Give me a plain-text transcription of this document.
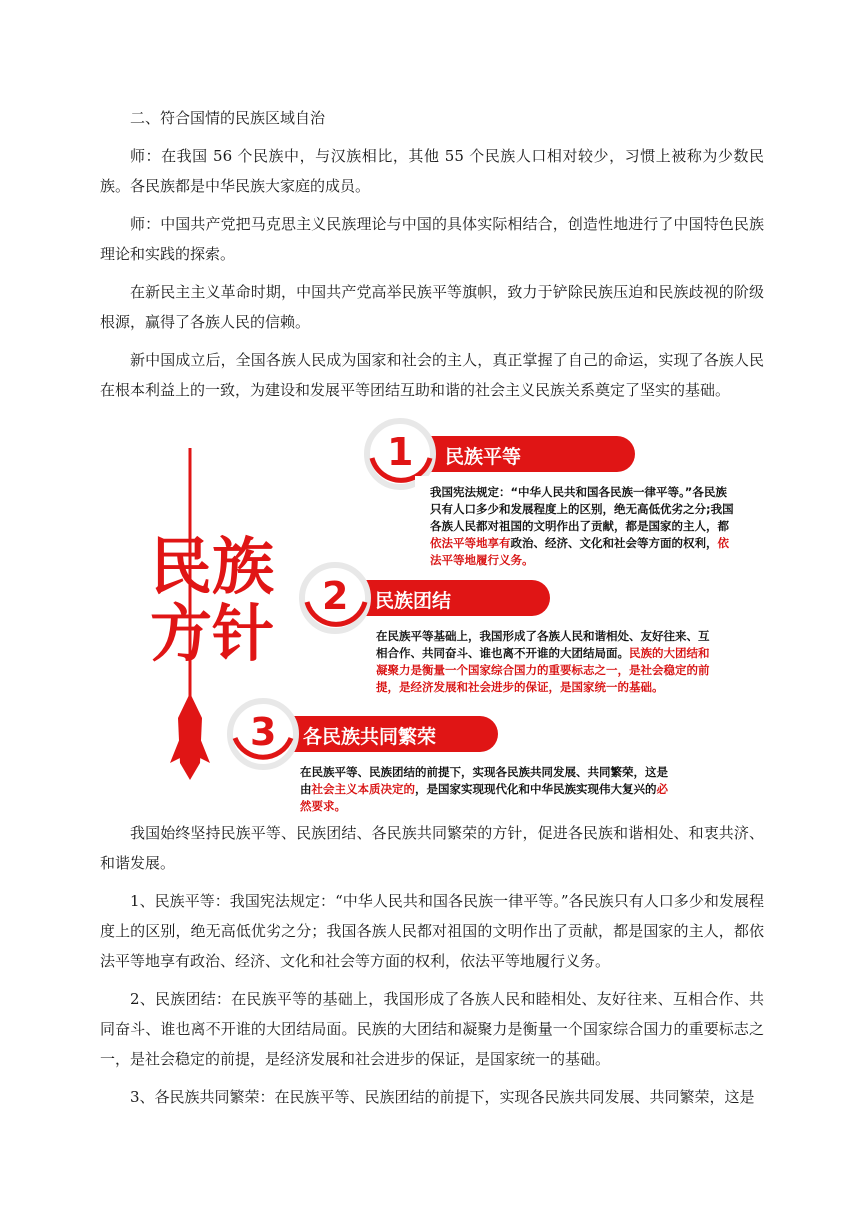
二、符合国情的民族区域自治

师：在我国 56 个民族中，与汉族相比，其他 55 个民族人口相对较少，习惯上被称为少数民族。各民族都是中华民族大家庭的成员。

师：中国共产党把马克思主义民族理论与中国的具体实际相结合，创造性地进行了中国特色民族理论和实践的探索。

在新民主主义革命时期，中国共产党高举民族平等旗帜，致力于铲除民族压迫和民族歧视的阶级根源，赢得了各族人民的信赖。

新中国成立后，全国各族人民成为国家和社会的主人，真正掌握了自己的命运，实现了各族人民在根本利益上的一致，为建设和发展平等团结互助和谐的社会主义民族关系奠定了坚实的基础。

民 族
方 针
1 民族平等
我国宪法规定：“中华人民共和国各民族一律平等。”各民族只有人口多少和发展程度上的区别，绝无高低优劣之分;我国各族人民都对祖国的文明作出了贡献，都是国家的主人，都依法平等地享有政治、经济、文化和社会等方面的权利，依法平等地履行义务。
2 民族团结
在民族平等基础上，我国形成了各族人民和谐相处、友好往来、互相合作、共同奋斗、谁也离不开谁的大团结局面。民族的大团结和凝聚力是衡量一个国家综合国力的重要标志之一，是社会稳定的前提，是经济发展和社会进步的保证，是国家统一的基础。
3 各民族共同繁荣
在民族平等、民族团结的前提下，实现各民族共同发展、共同繁荣，这是由社会主义本质决定的，是国家实现现代化和中华民族实现伟大复兴的必然要求。

我国始终坚持民族平等、民族团结、各民族共同繁荣的方针，促进各民族和谐相处、和衷共济、和谐发展。

1、民族平等：我国宪法规定：“中华人民共和国各民族一律平等。”各民族只有人口多少和发展程度上的区别，绝无高低优劣之分；我国各族人民都对祖国的文明作出了贡献，都是国家的主人，都依法平等地享有政治、经济、文化和社会等方面的权利，依法平等地履行义务。

2、民族团结：在民族平等的基础上，我国形成了各族人民和睦相处、友好往来、互相合作、共同奋斗、谁也离不开谁的大团结局面。民族的大团结和凝聚力是衡量一个国家综合国力的重要标志之一，是社会稳定的前提，是经济发展和社会进步的保证，是国家统一的基础。

3、各民族共同繁荣：在民族平等、民族团结的前提下，实现各民族共同发展、共同繁荣，这是
